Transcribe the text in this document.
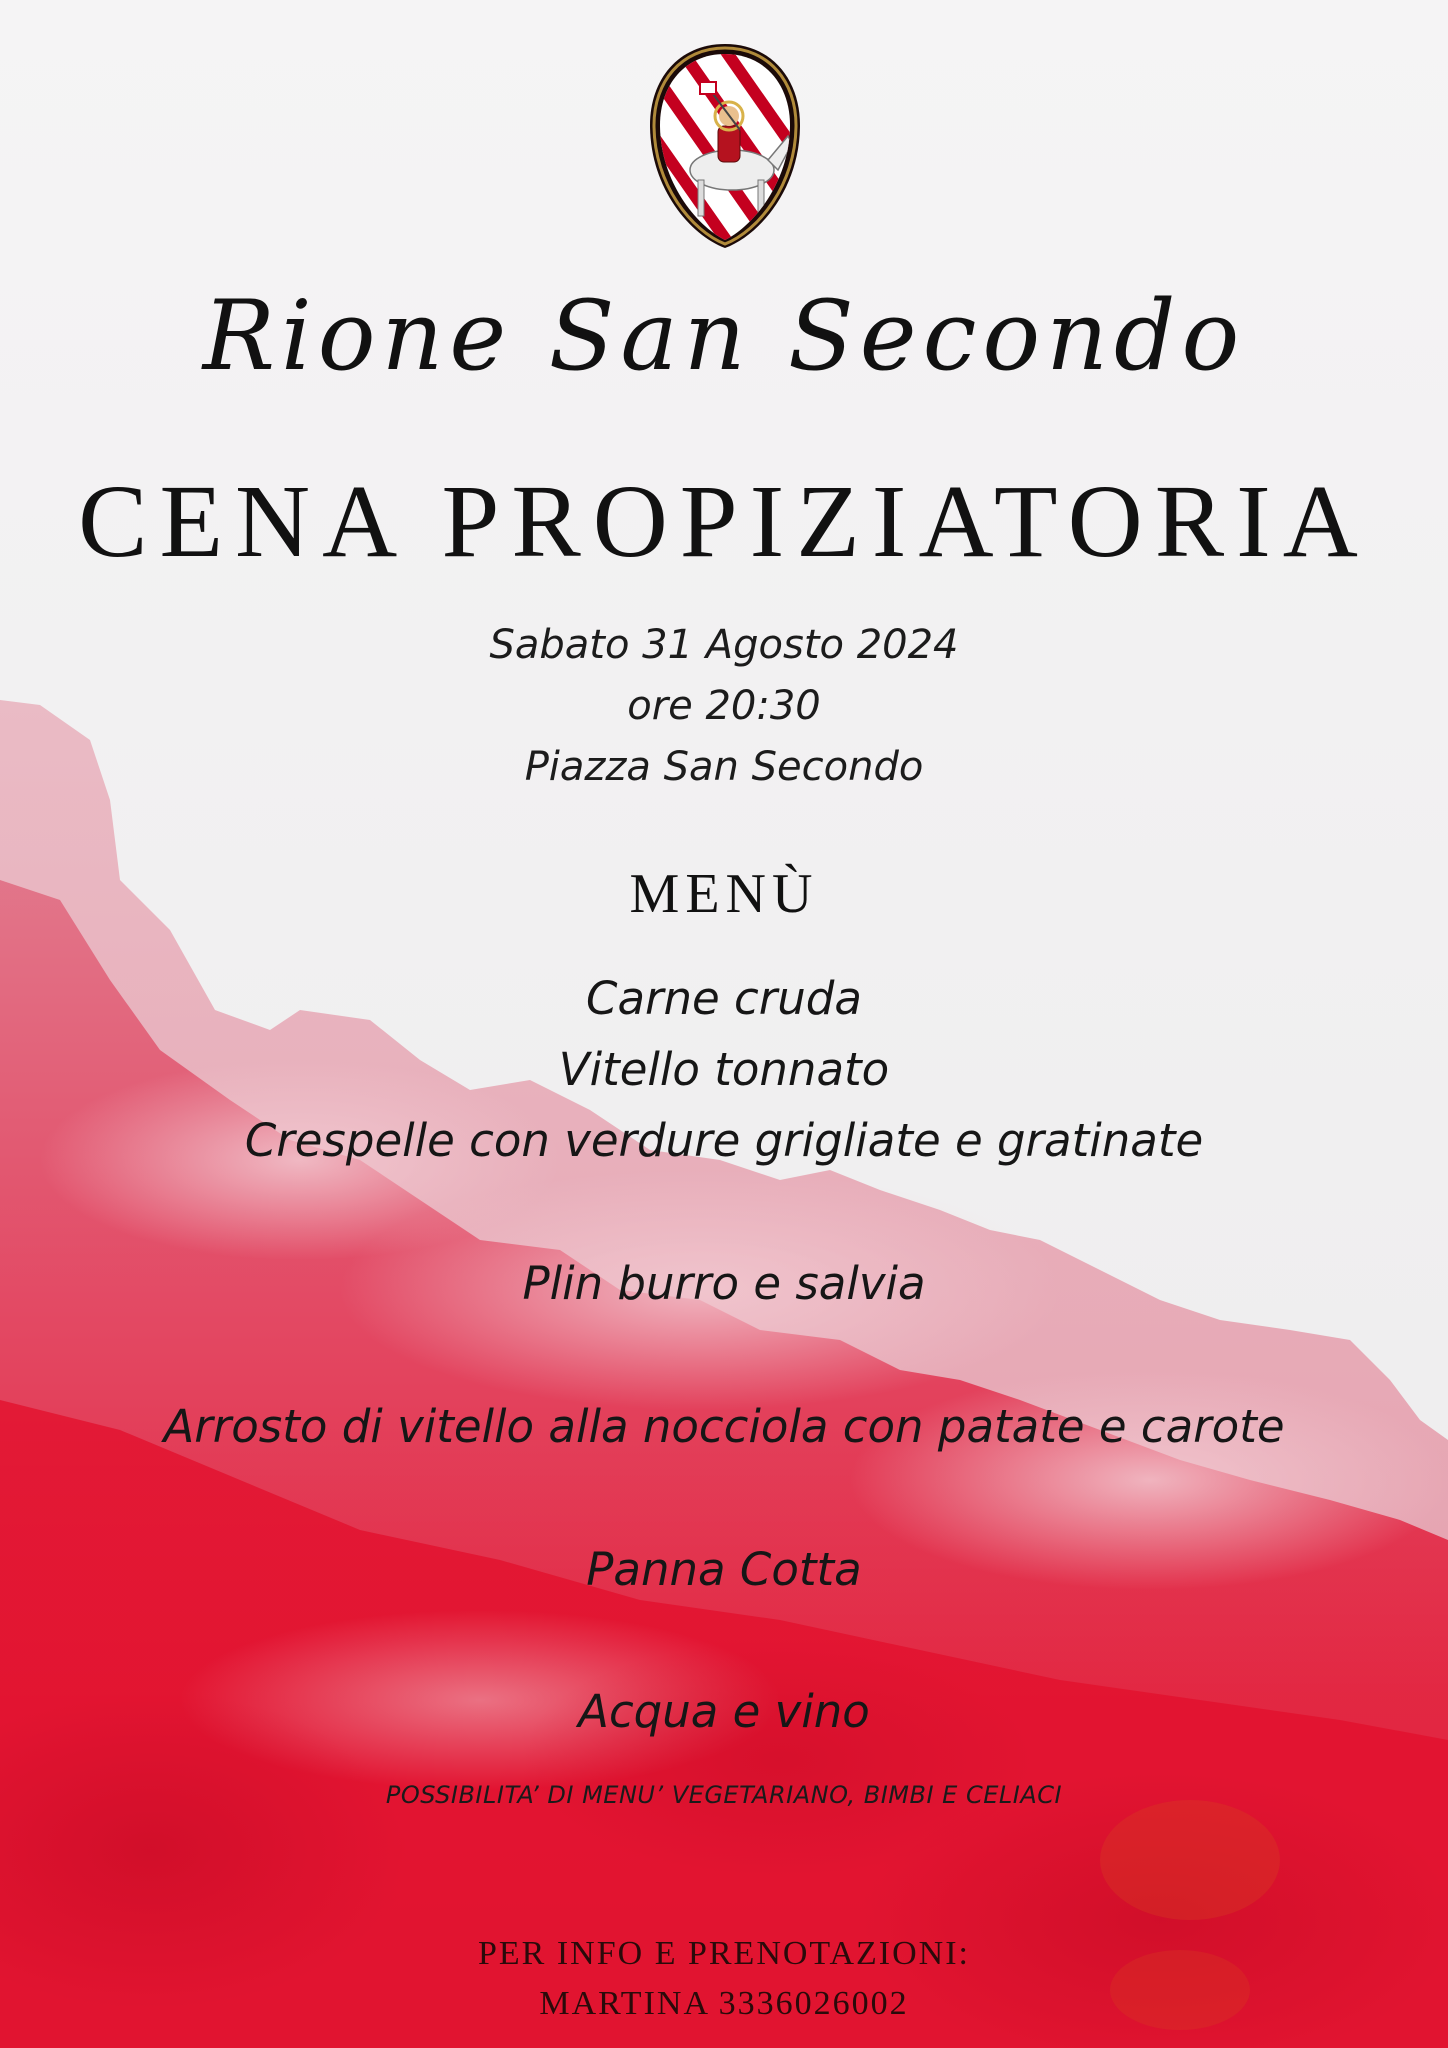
Rione San Secondo
CENA PROPIZIATORIA
Sabato 31 Agosto 2024
ore 20:30
Piazza San Secondo
MENÙ
Carne cruda
Vitello tonnato
Crespelle con verdure grigliate e gratinate
Plin burro e salvia
Arrosto di vitello alla nocciola con patate e carote
Panna Cotta
Acqua e vino
POSSIBILITA’ DI MENU’ VEGETARIANO, BIMBI E CELIACI
PER INFO E PRENOTAZIONI:
MARTINA 3336026002
